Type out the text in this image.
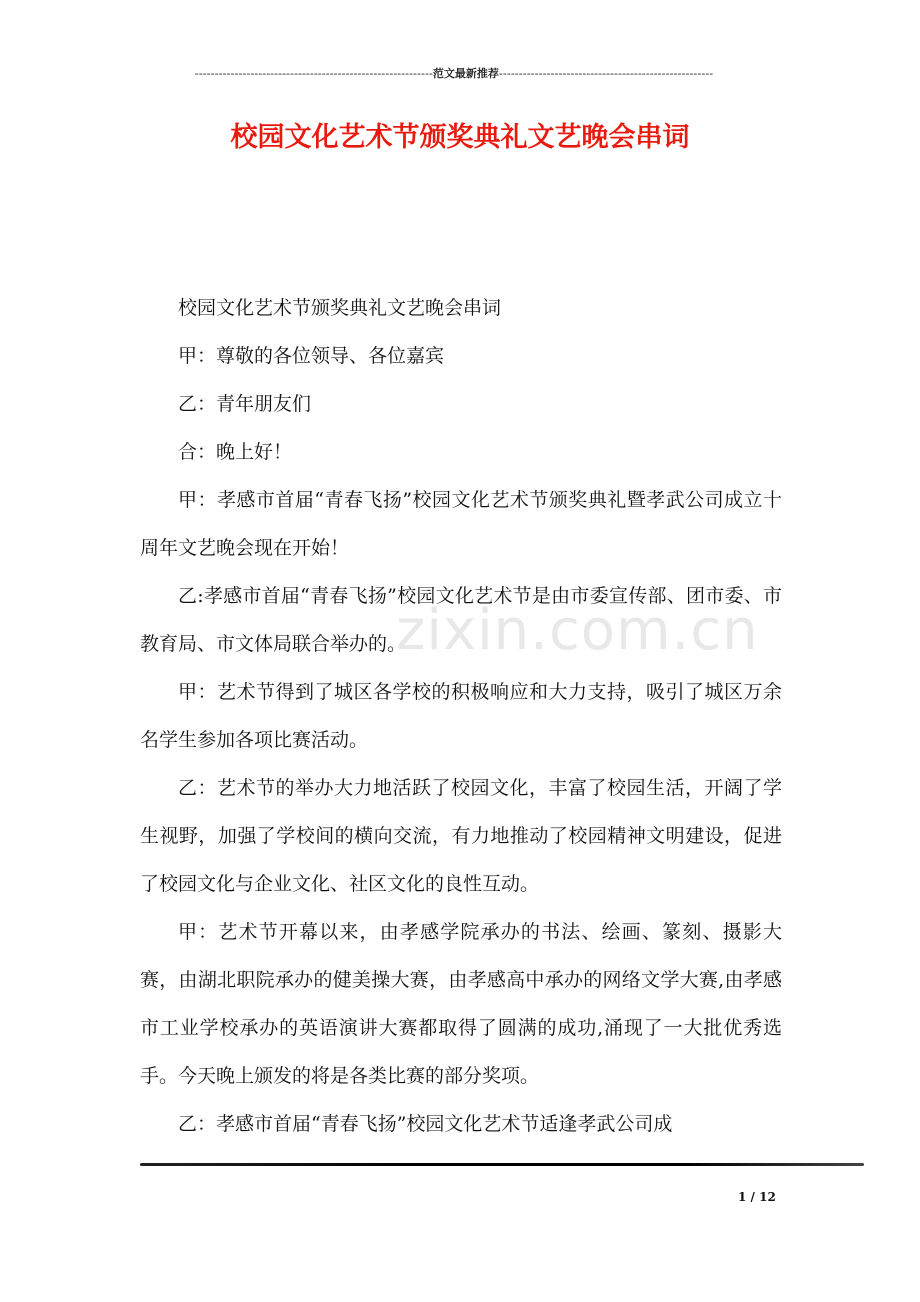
------------------------------------------------------------范文最新推荐------------------------------------------------------
校园文化艺术节颁奖典礼文艺晚会串词

校园文化艺术节颁奖典礼文艺晚会串词

甲：尊敬的各位领导、各位嘉宾

乙：青年朋友们

合：晚上好！

甲：孝感市首届“青春飞扬”校园文化艺术节颁奖典礼暨孝武公司成立十周年文艺晚会现在开始！

乙:孝感市首届“青春飞扬”校园文化艺术节是由市委宣传部、团市委、市教育局、市文体局联合举办的。

甲：艺术节得到了城区各学校的积极响应和大力支持，吸引了城区万余名学生参加各项比赛活动。

乙：艺术节的举办大力地活跃了校园文化，丰富了校园生活，开阔了学生视野，加强了学校间的横向交流，有力地推动了校园精神文明建设，促进了校园文化与企业文化、社区文化的良性互动。

甲：艺术节开幕以来，由孝感学院承办的书法、绘画、篆刻、摄影大赛，由湖北职院承办的健美操大赛，由孝感高中承办的网络文学大赛,由孝感市工业学校承办的英语演讲大赛都取得了圆满的成功,涌现了一大批优秀选手。今天晚上颁发的将是各类比赛的部分奖项。

乙：孝感市首届“青春飞扬”校园文化艺术节适逢孝武公司成

zixin.com.cn
1 / 12
